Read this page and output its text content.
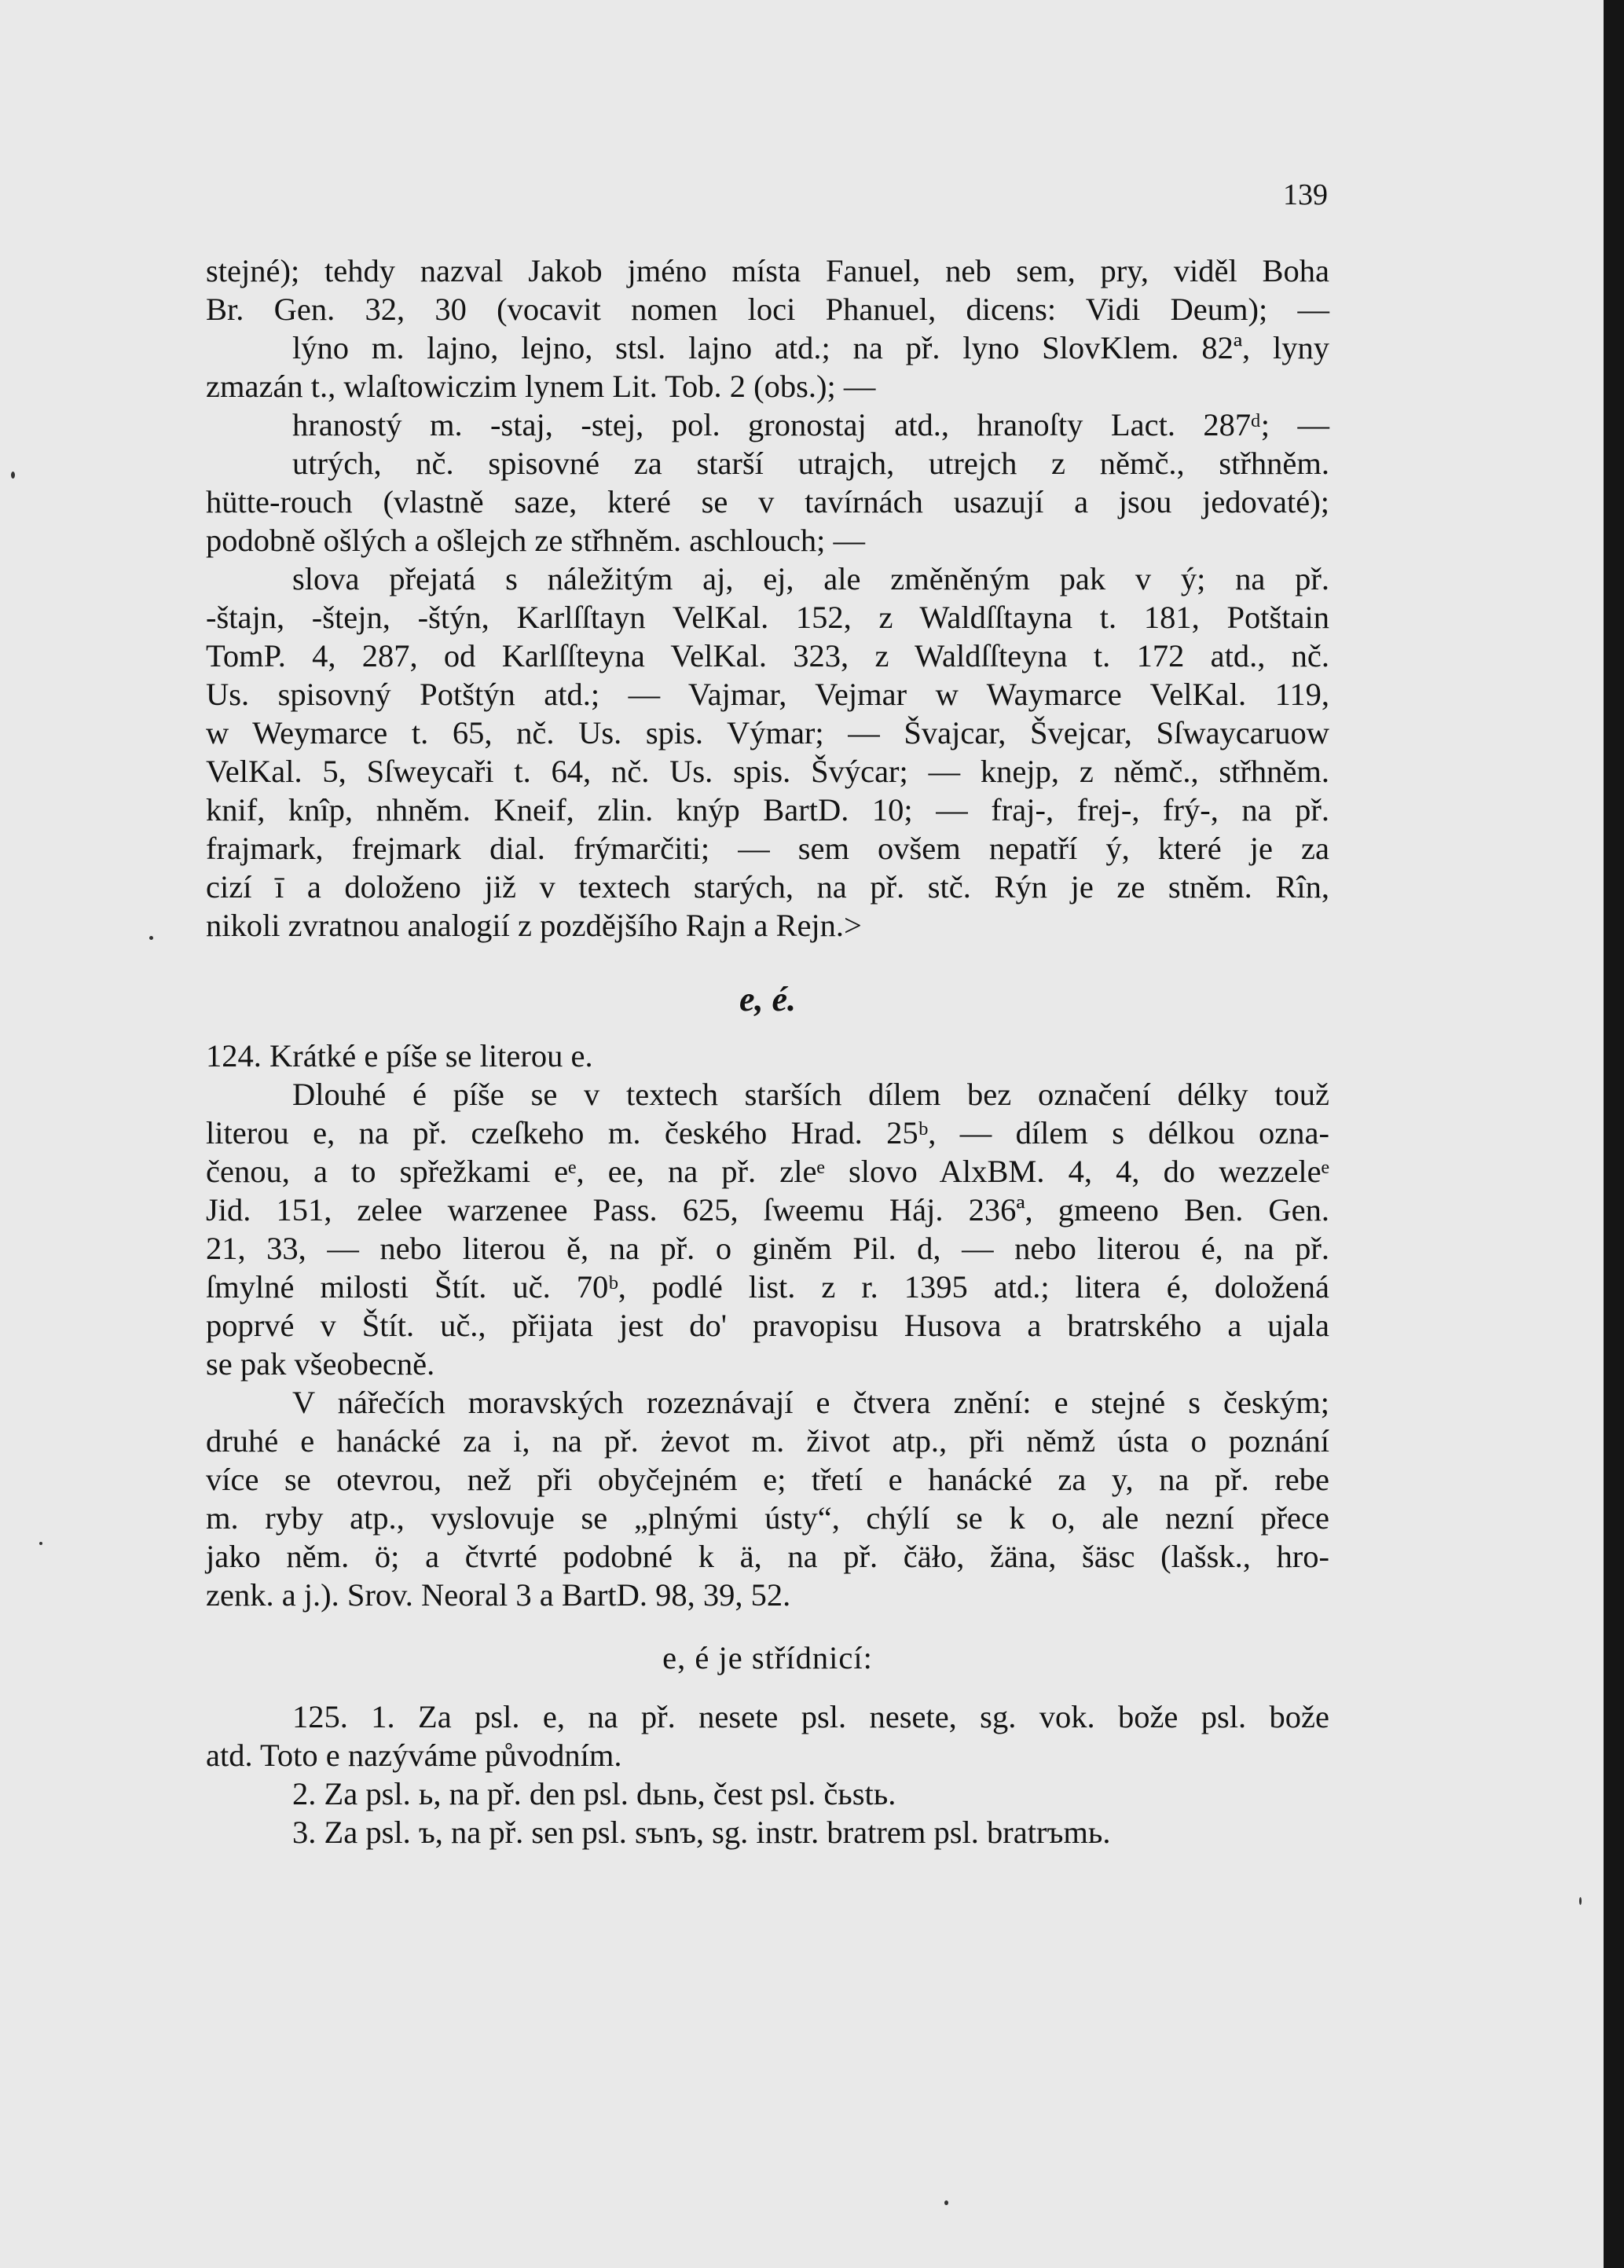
139
stejné); tehdy nazval Jakob jméno místa Fanuel, neb sem, pry, viděl Boha
Br. Gen. 32, 30 (vocavit nomen loci Phanuel, dicens: Vidi Deum); —
lýno m. lajno, lejno, stsl. lajno atd.; na př. lyno SlovKlem. 82ª, lyny
zmazán t., wlaſtowiczim lynem Lit. Tob. 2 (obs.); —
hranostý m. -staj, -stej, pol. gronostaj atd., hranoſty Lact. 287ᵈ; —
utrých, nč. spisovné za starší utrajch, utrejch z němč., střhněm.
hütte-rouch (vlastně saze, které se v tavírnách usazují a jsou jedovaté);
podobně ošlých a ošlejch ze střhněm. aschlouch; —
slova přejatá s náležitým aj, ej, ale změněným pak v ý; na př.
-štajn, -štejn, -štýn, Karlſſtayn VelKal. 152, z Waldſſtayna t. 181, Potštain
TomP. 4, 287, od Karlſſteyna VelKal. 323, z Waldſſteyna t. 172 atd., nč.
Us. spisovný Potštýn atd.; — Vajmar, Vejmar w Waymarce VelKal. 119,
w Weymarce t. 65, nč. Us. spis. Výmar; — Švajcar, Švejcar, Sſwaycaruow
VelKal. 5, Sſweycaři t. 64, nč. Us. spis. Švýcar; — knejp, z němč., střhněm.
knif, knîp, nhněm. Kneif, zlin. knýp BartD. 10; — fraj-, frej-, frý-, na př.
frajmark, frejmark dial. frýmarčiti; — sem ovšem nepatří ý, které je za
cizí ī a doloženo již v textech starých, na př. stč. Rýn je ze stněm. Rîn,
nikoli zvratnou analogií z pozdějšího Rajn a Rejn.>
e, é.
124. Krátké e píše se literou e.
Dlouhé é píše se v textech starších dílem bez označení délky touž
literou e, na př. czeſkeho m. českého Hrad. 25ᵇ, — dílem s délkou ozna-
čenou, a to spřežkami eᵉ, ee, na př. zleᵉ slovo AlxBM. 4, 4, do wezzeleᵉ
Jid. 151, zelee warzenee Pass. 625, ſweemu Háj. 236ª, gmeeno Ben. Gen.
21, 33, — nebo literou ě, na př. o giněm Pil. d, — nebo literou é, na př.
ſmylné milosti Štít. uč. 70ᵇ, podlé list. z r. 1395 atd.; litera é, doložená
poprvé v Štít. uč., přijata jest do' pravopisu Husova a bratrského a ujala
se pak všeobecně.
V nářečích moravských rozeznávají e čtvera znění: e stejné s českým;
druhé e hanácké za i, na př. żevot m. život atp., při němž ústa o poznání
více se otevrou, než při obyčejném e; třetí e hanácké za y, na př. rebe
m. ryby atp., vyslovuje se „plnými ústy“, chýlí se k o, ale nezní přece
jako něm. ö; a čtvrté podobné k ä, na př. čäło, žäna, šäsc (lašsk., hro-
zenk. a j.). Srov. Neoral 3 a BartD. 98, 39, 52.
e, é je střídnicí:
125. 1. Za psl. e, na př. nesete psl. nesete, sg. vok. bože psl. bože
atd. Toto e nazýváme původním.
2. Za psl. ь, na př. den psl. dьnь, čest psl. čьstь.
3. Za psl. ъ, na př. sen psl. sъnъ, sg. instr. bratrem psl. bratrъmь.
